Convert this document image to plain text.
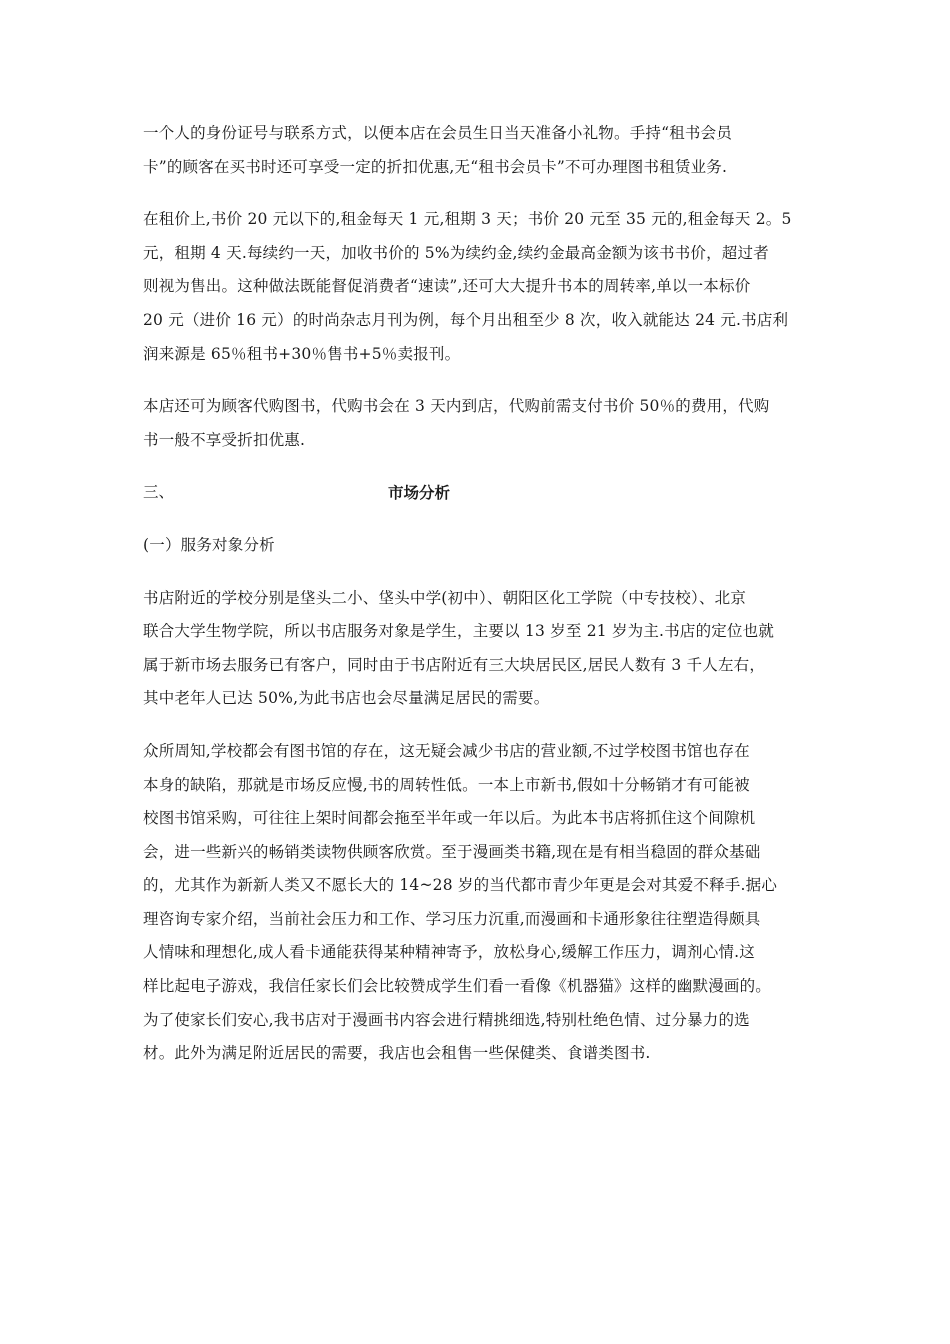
一个人的身份证号与联系方式，以便本店在会员生日当天准备小礼物。手持“租书会员
卡”的顾客在买书时还可享受一定的折扣优惠,无“租书会员卡”不可办理图书租赁业务.

在租价上,书价 20 元以下的,租金每天 1 元,租期 3 天；书价 20 元至 35 元的,租金每天 2。5
元，租期 4 天.每续约一天，加收书价的 5%为续约金,续约金最高金额为该书书价，超过者
则视为售出。这种做法既能督促消费者“速读”,还可大大提升书本的周转率,单以一本标价
20 元（进价 16 元）的时尚杂志月刊为例，每个月出租至少 8 次，收入就能达 24 元.书店利
润来源是 65％租书+30％售书+5％卖报刊。

本店还可为顾客代购图书，代购书会在 3 天内到店，代购前需支付书价 50％的费用，代购
书一般不享受折扣优惠.

三、	市场分析

(一）服务对象分析

书店附近的学校分别是垡头二小、垡头中学(初中）、朝阳区化工学院（中专技校）、北京
联合大学生物学院，所以书店服务对象是学生，主要以 13 岁至 21 岁为主.书店的定位也就
属于新市场去服务已有客户，同时由于书店附近有三大块居民区,居民人数有 3 千人左右，
其中老年人已达 50%,为此书店也会尽量满足居民的需要。

众所周知,学校都会有图书馆的存在，这无疑会减少书店的营业额,不过学校图书馆也存在
本身的缺陷，那就是市场反应慢,书的周转性低。一本上市新书,假如十分畅销才有可能被
校图书馆采购，可往往上架时间都会拖至半年或一年以后。为此本书店将抓住这个间隙机
会，进一些新兴的畅销类读物供顾客欣赏。至于漫画类书籍,现在是有相当稳固的群众基础
的，尤其作为新新人类又不愿长大的 14~28 岁的当代都市青少年更是会对其爱不释手.据心
理咨询专家介绍，当前社会压力和工作、学习压力沉重,而漫画和卡通形象往往塑造得颇具
人情味和理想化,成人看卡通能获得某种精神寄予，放松身心,缓解工作压力，调剂心情.这
样比起电子游戏，我信任家长们会比较赞成学生们看一看像《机器猫》这样的幽默漫画的。
为了使家长们安心,我书店对于漫画书内容会进行精挑细选,特别杜绝色情、过分暴力的选
材。此外为满足附近居民的需要，我店也会租售一些保健类、食谱类图书.
